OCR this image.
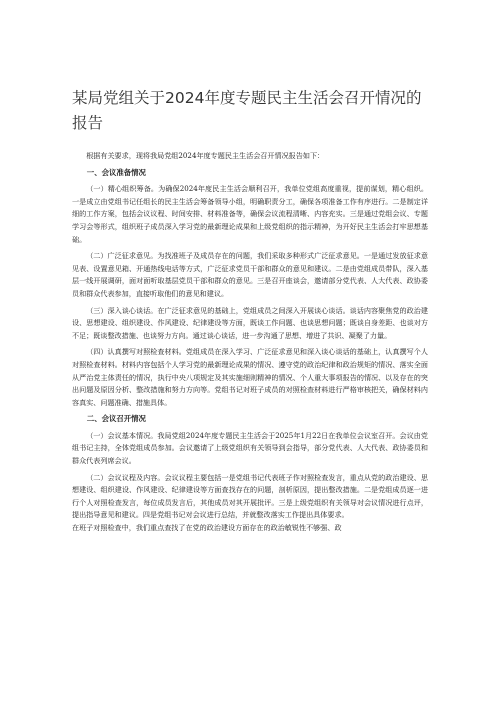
某局党组关于2024年度专题民主生活会召开情况的报告

根据有关要求，现将我局党组2024年度专题民主生活会召开情况报告如下：

一、会议准备情况

（一）精心组织筹备。为确保2024年度民主生活会顺利召开，我单位党组高度重视，提前谋划，精心组织。一是成立由党组书记任组长的民主生活会筹备领导小组，明确职责分工，确保各项准备工作有序进行。二是制定详细的工作方案，包括会议议程、时间安排、材料准备等，确保会议流程清晰、内容充实。三是通过党组会议、专题学习会等形式，组织班子成员深入学习党的最新理论成果和上级党组织的指示精神，为开好民主生活会打牢思想基础。

（二）广泛征求意见。为找准班子及成员存在的问题，我们采取多种形式广泛征求意见。一是通过发放征求意见表、设置意见箱、开通热线电话等方式，广泛征求党员干部和群众的意见和建议。二是由党组成员带队，深入基层一线开展调研，面对面听取基层党员干部和群众的意见。三是召开座谈会，邀请部分党代表、人大代表、政协委员和群众代表参加，直接听取他们的意见和建议。

（三）深入谈心谈话。在广泛征求意见的基础上，党组成员之间深入开展谈心谈话。谈话内容聚焦党的政治建设、思想建设、组织建设、作风建设、纪律建设等方面，既谈工作问题、也谈思想问题；既谈自身差距、也谈对方不足；既谈整改措施、也谈努力方向。通过谈心谈话，进一步沟通了思想、增进了共识、凝聚了力量。

（四）认真撰写对照检查材料。党组成员在深入学习、广泛征求意见和深入谈心谈话的基础上，认真撰写个人对照检查材料。材料内容包括个人学习党的最新理论成果的情况、遵守党的政治纪律和政治规矩的情况、落实全面从严治党主体责任的情况，执行中央八项规定及其实施细则精神的情况、个人重大事项报告的情况、以及存在的突出问题及原因分析、整改措施和努力方向等。党组书记对班子成员的对照检查材料进行严格审核把关，确保材料内容真实、问题准确、措施具体。

二、会议召开情况

（一）会议基本情况。我局党组2024年度专题民主生活会于2025年1月22日在我单位会议室召开。会议由党组书记主持，全体党组成员参加。会议邀请了上级党组织有关领导到会指导，部分党代表、人大代表、政协委员和群众代表列席会议。

（二）会议议程及内容。会议议程主要包括一是党组书记代表班子作对照检查发言，重点从党的政治建设、思想建设、组织建设、作风建设、纪律建设等方面查找存在的问题，剖析原因，提出整改措施。二是党组成员逐一进行个人对照检查发言，每位成员发言后，其他成员对其开展批评。三是上级党组织有关领导对会议情况进行点评，提出指导意见和建议。四是党组书记对会议进行总结，并就整改落实工作提出具体要求。

在班子对照检查中，我们重点查找了在党的政治建设方面存在的政治敏锐性不够强、政
